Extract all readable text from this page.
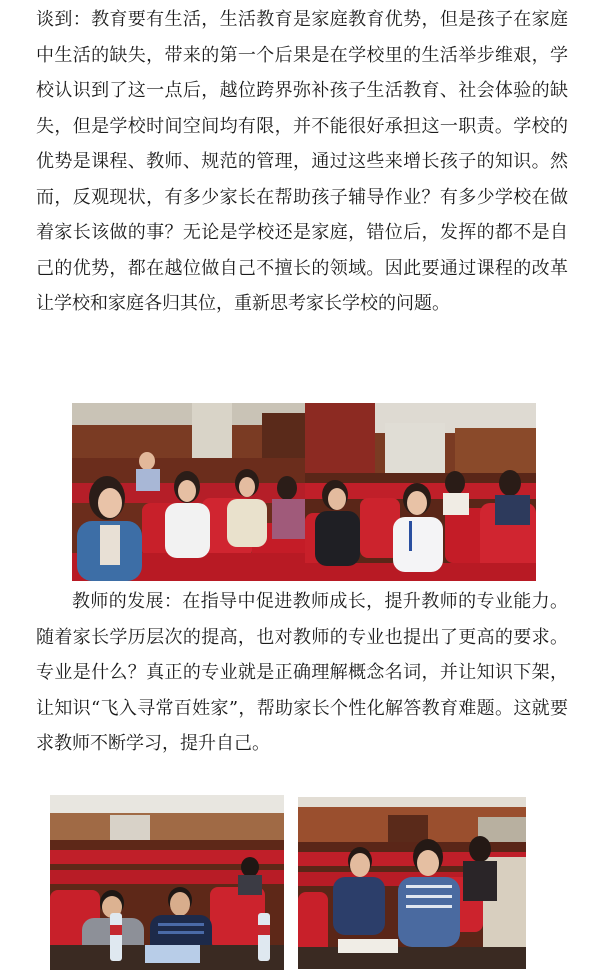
谈到：教育要有生活，生活教育是家庭教育优势，但是孩子在家庭中生活的缺失，带来的第一个后果是在学校里的生活举步维艰，学校认识到了这一点后，越位跨界弥补孩子生活教育、社会体验的缺失，但是学校时间空间均有限，并不能很好承担这一职责。学校的优势是课程、教师、规范的管理，通过这些来增长孩子的知识。然而，反观现状，有多少家长在帮助孩子辅导作业？有多少学校在做着家长该做的事？无论是学校还是家庭，错位后，发挥的都不是自己的优势，都在越位做自己不擅长的领域。因此要通过课程的改革让学校和家庭各归其位，重新思考家长学校的问题。

教师的发展：在指导中促进教师成长，提升教师的专业能力。随着家长学历层次的提高，也对教师的专业也提出了更高的要求。专业是什么？真正的专业就是正确理解概念名词，并让知识下架，让知识“飞入寻常百姓家”，帮助家长个性化解答教育难题。这就要求教师不断学习，提升自己。
